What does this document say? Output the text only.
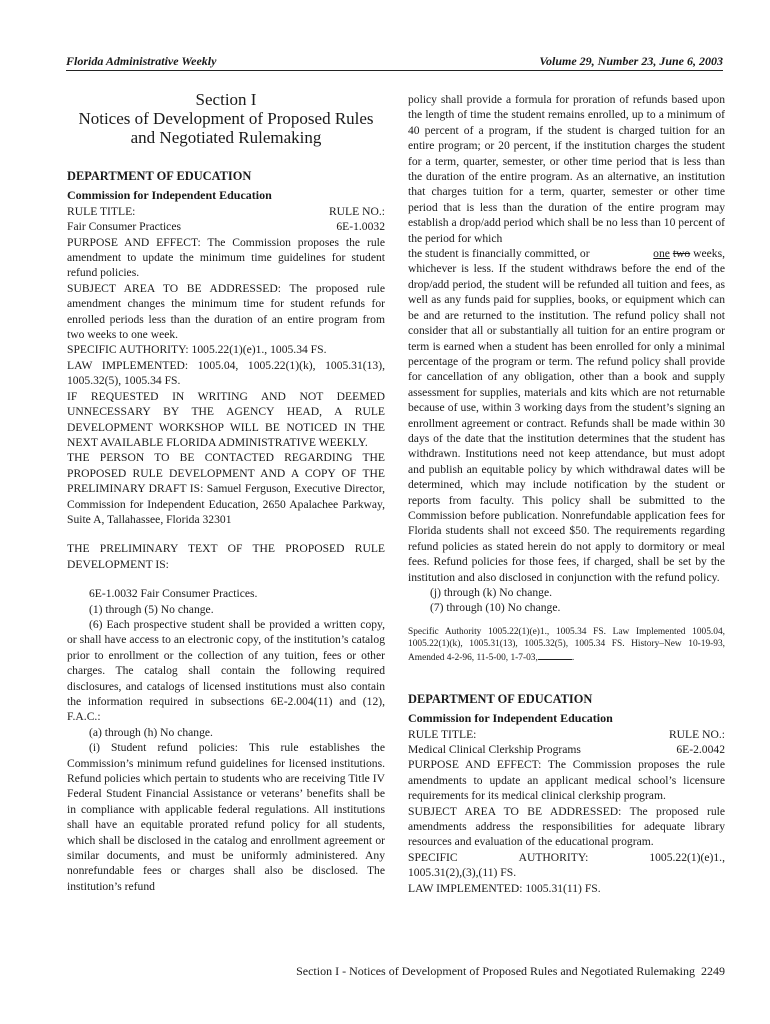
Florida Administrative Weekly	Volume 29, Number 23, June 6, 2003
Section I
Notices of Development of Proposed Rules
and Negotiated Rulemaking

DEPARTMENT OF EDUCATION

Commission for Independent Education

RULE TITLE:	RULE NO.:
Fair Consumer Practices	6E-1.0032

PURPOSE AND EFFECT: The Commission proposes the rule amendment to update the minimum time guidelines for student refund policies.

SUBJECT AREA TO BE ADDRESSED: The proposed rule amendment changes the minimum time for student refunds for enrolled periods less than the duration of an entire program from two weeks to one week.

SPECIFIC AUTHORITY: 1005.22(1)(e)1., 1005.34 FS.

LAW IMPLEMENTED: 1005.04, 1005.22(1)(k), 1005.31(13), 1005.32(5), 1005.34 FS.

IF REQUESTED IN WRITING AND NOT DEEMED UNNECESSARY BY THE AGENCY HEAD, A RULE DEVELOPMENT WORKSHOP WILL BE NOTICED IN THE NEXT AVAILABLE FLORIDA ADMINISTRATIVE WEEKLY.

THE PERSON TO BE CONTACTED REGARDING THE PROPOSED RULE DEVELOPMENT AND A COPY OF THE PRELIMINARY DRAFT IS: Samuel Ferguson, Executive Director, Commission for Independent Education, 2650 Apalachee Parkway, Suite A, Tallahassee, Florida 32301

THE PRELIMINARY TEXT OF THE PROPOSED RULE DEVELOPMENT IS:

6E-1.0032 Fair Consumer Practices.

(1) through (5) No change.

(6) Each prospective student shall be provided a written copy, or shall have access to an electronic copy, of the institution’s catalog prior to enrollment or the collection of any tuition, fees or other charges. The catalog shall contain the following required disclosures, and catalogs of licensed institutions must also contain the information required in subsections 6E-2.004(11) and (12), F.A.C.:

(a) through (h) No change.

(i) Student refund policies: This rule establishes the Commission’s minimum refund guidelines for licensed institutions. Refund policies which pertain to students who are receiving Title IV Federal Student Financial Assistance or veterans’ benefits shall be in compliance with applicable federal regulations. All institutions shall have an equitable prorated refund policy for all students, which shall be disclosed in the catalog and enrollment agreement or similar documents, and must be uniformly administered. Any nonrefundable fees or charges shall also be disclosed. The institution’s refund

policy shall provide a formula for proration of refunds based upon the length of time the student remains enrolled, up to a minimum of 40 percent of a program, if the student is charged tuition for an entire program; or 20 percent, if the institution charges the student for a term, quarter, semester, or other time period that is less than the duration of the entire program. As an alternative, an institution that charges tuition for a term, quarter, semester or other time period that is less than the duration of the entire program may establish a drop/add period which shall be no less than 10 percent of the period for which

the student is financially committed, or	one two weeks,

whichever is less. If the student withdraws before the end of the drop/add period, the student will be refunded all tuition and fees, as well as any funds paid for supplies, books, or equipment which can be and are returned to the institution. The refund policy shall not consider that all or substantially all tuition for an entire program or term is earned when a student has been enrolled for only a minimal percentage of the program or term. The refund policy shall provide for cancellation of any obligation, other than a book and supply assessment for supplies, materials and kits which are not returnable because of use, within 3 working days from the student’s signing an enrollment agreement or contract. Refunds shall be made within 30 days of the date that the institution determines that the student has withdrawn. Institutions need not keep attendance, but must adopt and publish an equitable policy by which withdrawal dates will be determined, which may include notification by the student or reports from faculty. This policy shall be submitted to the Commission before publication. Nonrefundable application fees for Florida students shall not exceed $50. The requirements regarding refund policies as stated herein do not apply to dormitory or meal fees. Refund policies for those fees, if charged, shall be set by the institution and also disclosed in conjunction with the refund policy.

(j) through (k) No change.

(7) through (10) No change.

Specific Authority 1005.22(1)(e)1., 1005.34 FS. Law Implemented 1005.04, 1005.22(1)(k), 1005.31(13), 1005.32(5), 1005.34 FS. History–New 10-19-93, Amended 4-2-96, 11-5-00, 1-7-03,	.

DEPARTMENT OF EDUCATION

Commission for Independent Education

RULE TITLE:	RULE NO.:
Medical Clinical Clerkship Programs	6E-2.0042

PURPOSE AND EFFECT: The Commission proposes the rule amendments to update an applicant medical school’s licensure requirements for its medical clinical clerkship program.

SUBJECT AREA TO BE ADDRESSED: The proposed rule amendments address the responsibilities for adequate library resources and evaluation of the educational program.

SPECIFIC	AUTHORITY:	1005.22(1)(e)1.,

1005.31(2),(3),(11) FS.

LAW IMPLEMENTED: 1005.31(11) FS.

Section I - Notices of Development of Proposed Rules and Negotiated Rulemaking 2249
